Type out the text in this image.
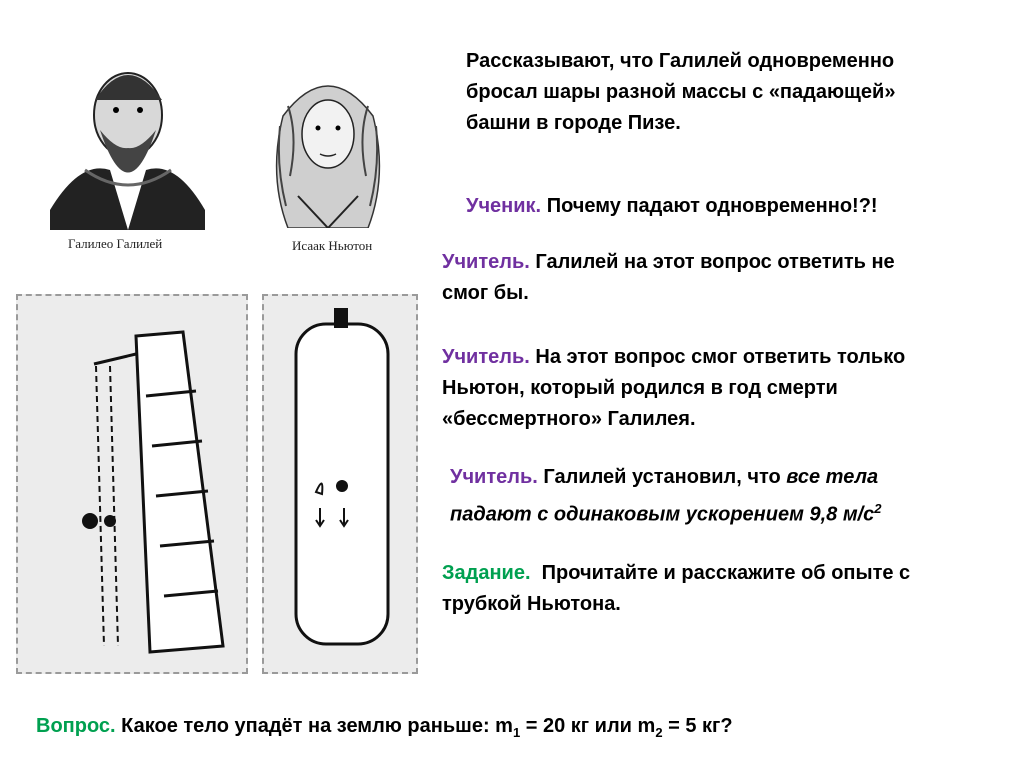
Галилео Галилей	Исаак Ньютон
Рассказывают, что Галилей одновременно
бросал шары разной массы с «падающей»
башни в городе Пизе.
Ученик. Почему падают одновременно!?!
Учитель. Галилей на этот вопрос ответить не
смог бы.
Учитель. На этот вопрос смог ответить только
Ньютон, который родился в год смерти
«бессмертного» Галилея.
Учитель. Галилей установил, что все тела
падают с одинаковым ускорением 9,8 $м/с^2$
Задание. Прочитайте и расскажите об опыте с
трубкой Ньютона.
Вопрос. Какое тело упадёт на землю раньше: $m_1 = 20$ кг или $m_2 = 5$ кг?
